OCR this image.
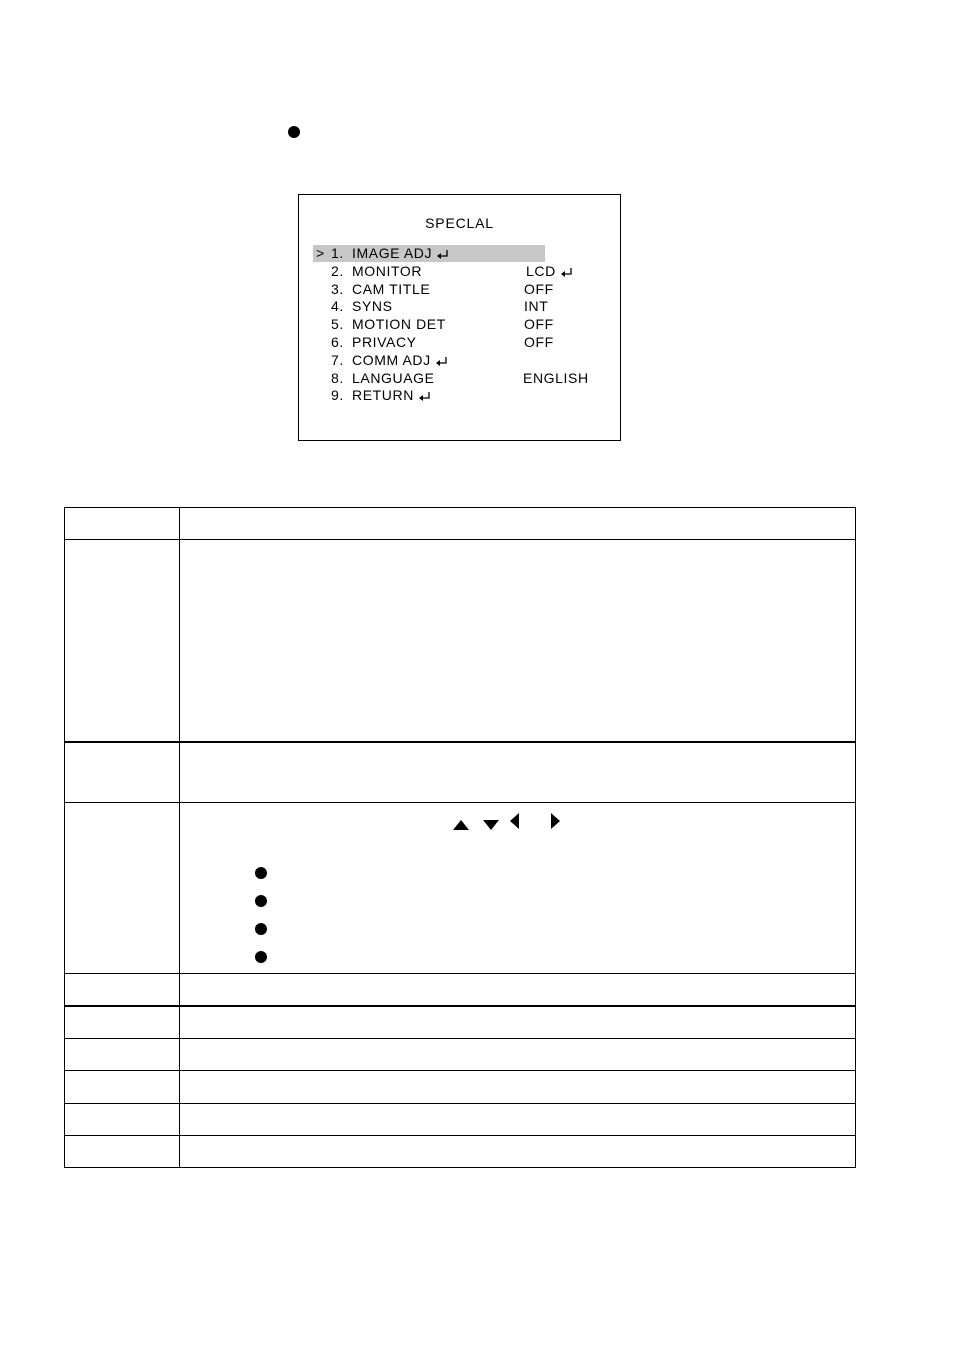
SPECLAL
> 1. IMAGE ADJ
2. MONITOR	LCD
3. CAM TITLE	OFF
4. SYNS	INT
5. MOTION DET	OFF
6. PRIVACY	OFF
7. COMM ADJ
8. LANGUAGE	ENGLISH
9. RETURN
